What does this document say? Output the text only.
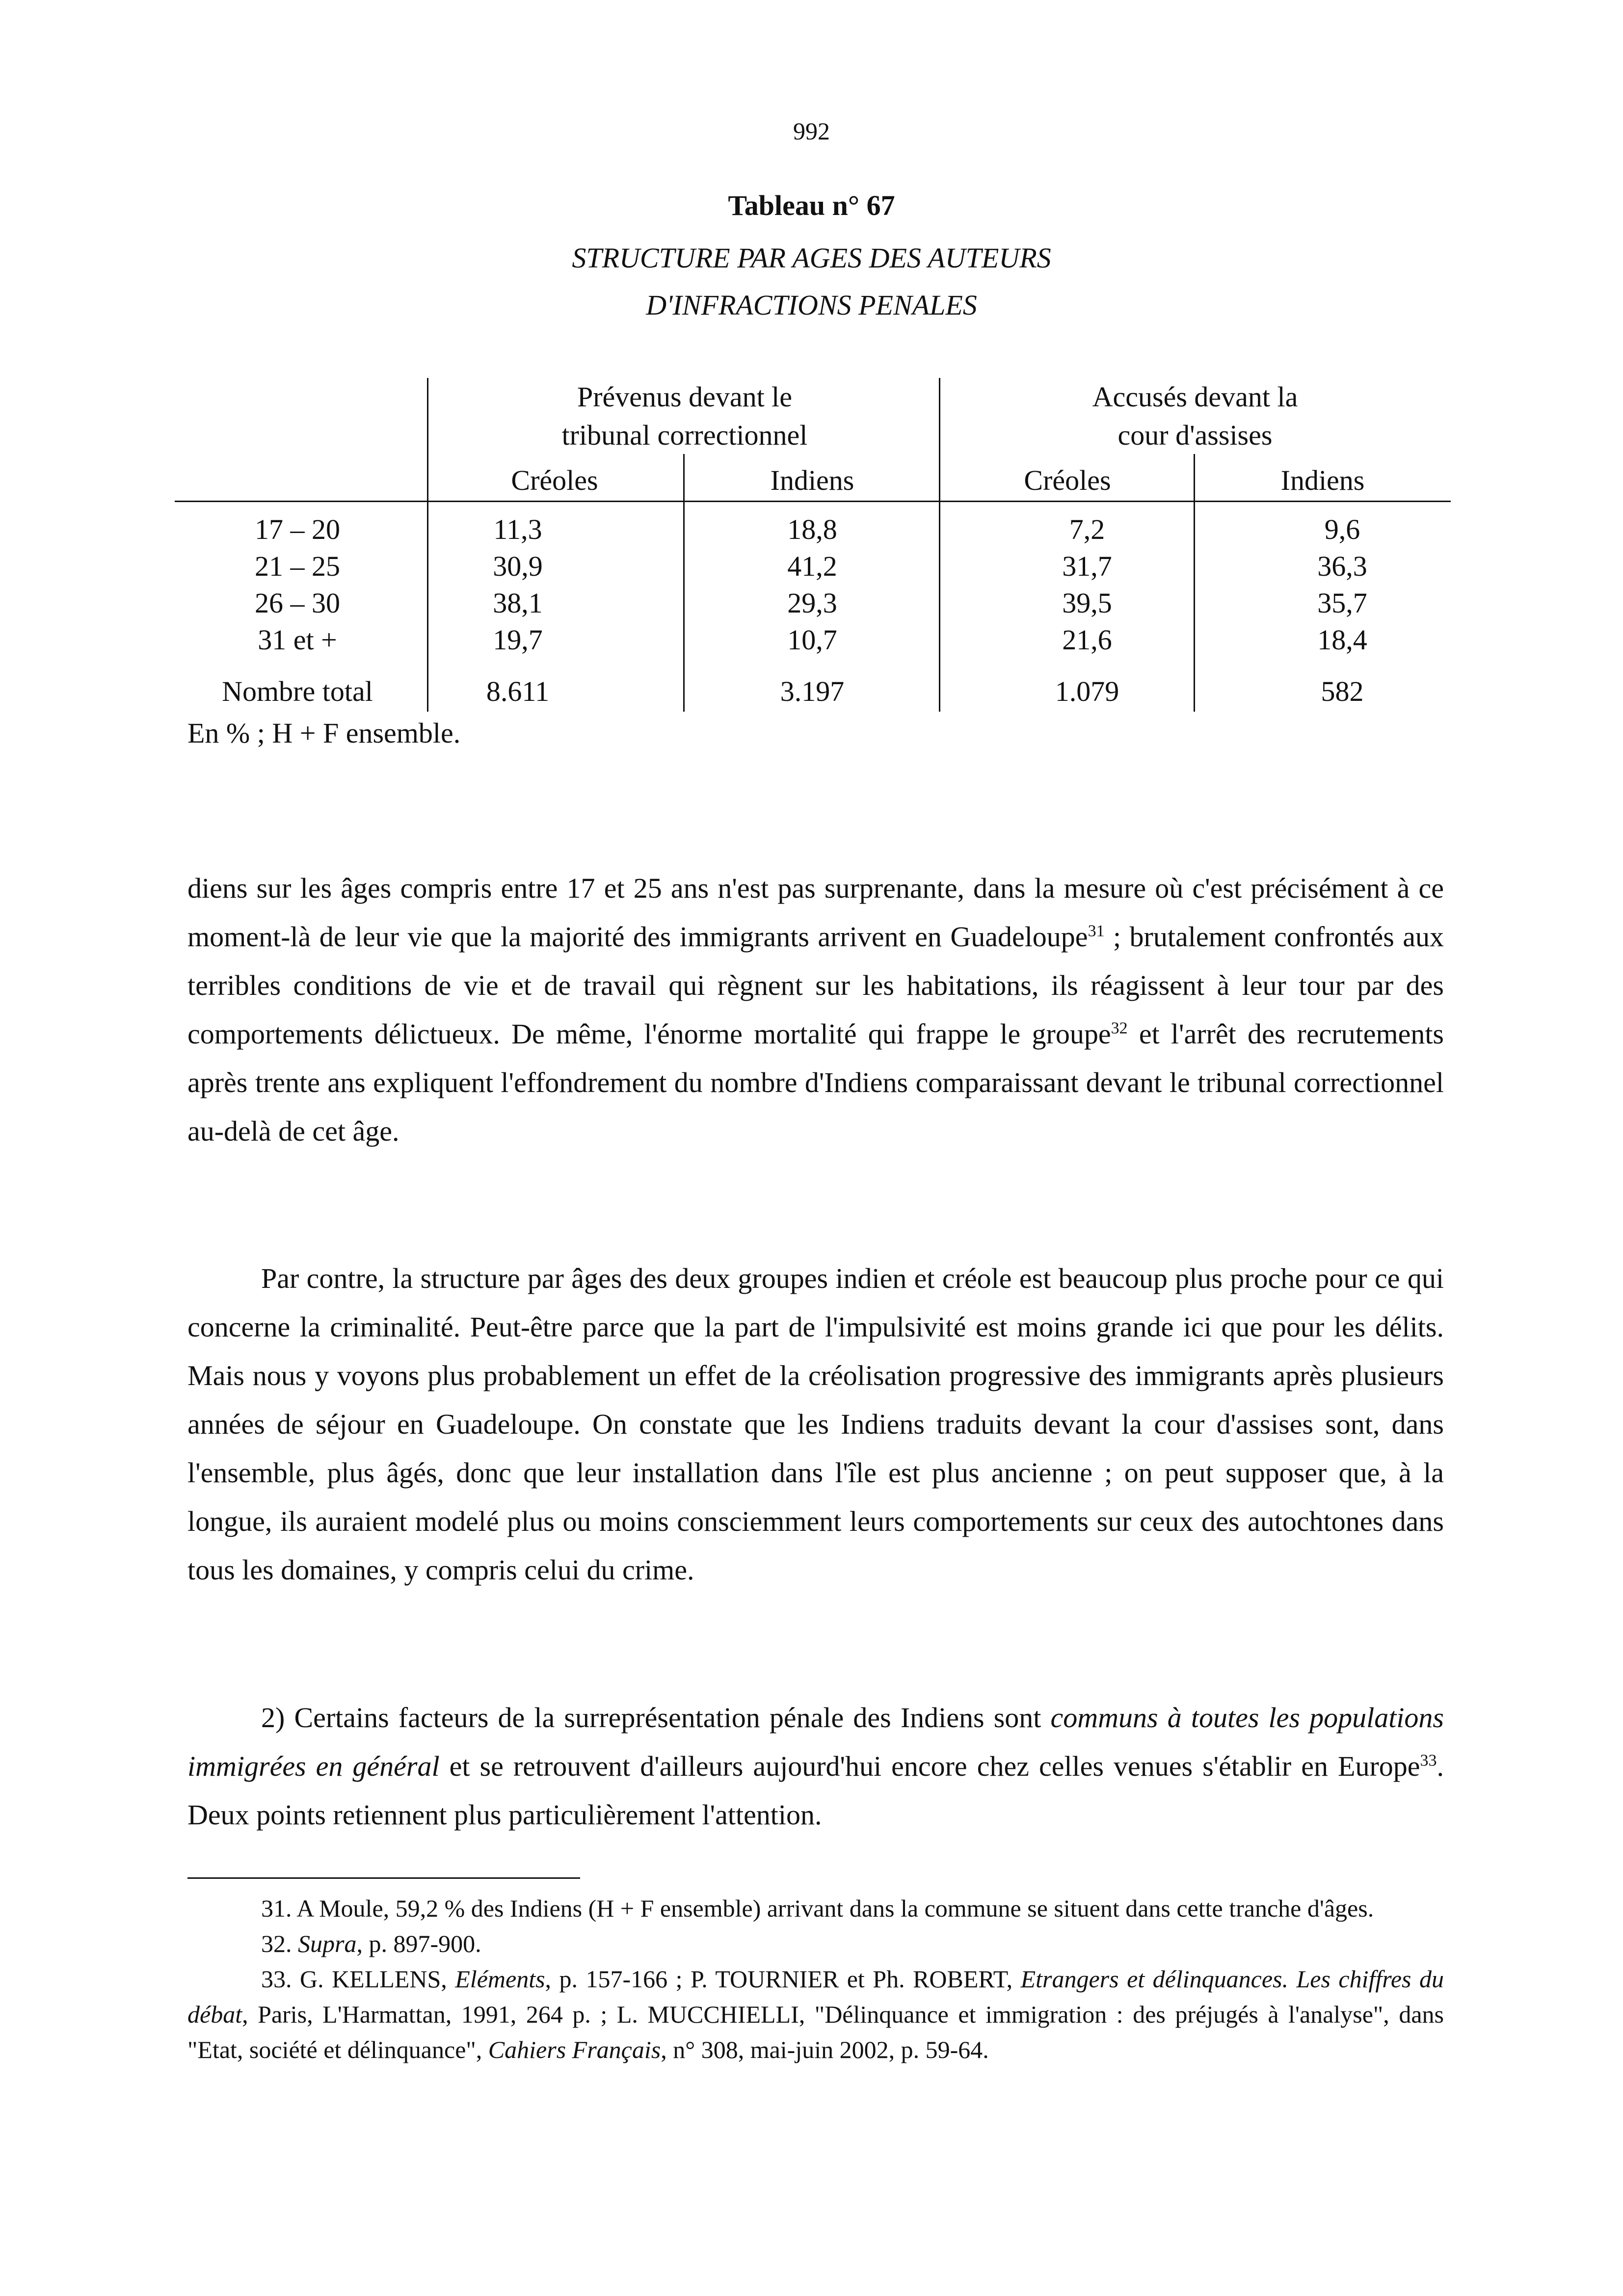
992
Tableau n° 67
STRUCTURE PAR AGES DES AUTEURS
D'INFRACTIONS PENALES
Prévenus devant le
tribunal correctionnel
Accusés devant la
cour d'assises
Créoles	Indiens	Créoles	Indiens
17 – 20	11,3	18,8	7,2	9,6
21 – 25	30,9	41,2	31,7	36,3
26 – 30	38,1	29,3	39,5	35,7
31 et +	19,7	10,7	21,6	18,4
Nombre total	8.611	3.197	1.079	582
En % ; H + F ensemble.

diens sur les âges compris entre 17 et 25 ans n'est pas surprenante, dans la mesure où c'est précisément à ce moment-là de leur vie que la majorité des immigrants arrivent en Guadeloupe$^{31}$ ; brutalement confrontés aux terribles conditions de vie et de travail qui règnent sur les habitations, ils réagissent à leur tour par des comportements délictueux. De même, l'énorme mortalité qui frappe le groupe$^{32}$ et l'arrêt des recrutements après trente ans expliquent l'effondrement du nombre d'Indiens comparaissant devant le tribunal correctionnel au-delà de cet âge.

Par contre, la structure par âges des deux groupes indien et créole est beaucoup plus proche pour ce qui concerne la criminalité. Peut-être parce que la part de l'impulsivité est moins grande ici que pour les délits. Mais nous y voyons plus probablement un effet de la créolisation progressive des immigrants après plusieurs années de séjour en Guadeloupe. On constate que les Indiens traduits devant la cour d'assises sont, dans l'ensemble, plus âgés, donc que leur installation dans l'île est plus ancienne ; on peut supposer que, à la longue, ils auraient modelé plus ou moins consciemment leurs comportements sur ceux des autochtones dans tous les domaines, y compris celui du crime.

2) Certains facteurs de la surreprésentation pénale des Indiens sont communs à toutes les populations immigrées en général et se retrouvent d'ailleurs aujourd'hui encore chez celles venues s'établir en Europe$^{33}$. Deux points retiennent plus particulièrement l'attention.

31. A Moule, 59,2 % des Indiens (H + F ensemble) arrivant dans la commune se situent dans cette tranche d'âges.

32. Supra, p. 897-900.

33. G. KELLENS, Eléments, p. 157-166 ; P. TOURNIER et Ph. ROBERT, Etrangers et délinquances. Les chiffres du débat, Paris, L'Harmattan, 1991, 264 p. ; L. MUCCHIELLI, "Délinquance et immigration : des préjugés à l'analyse", dans "Etat, société et délinquance", Cahiers Français, n° 308, mai-juin 2002, p. 59-64.
